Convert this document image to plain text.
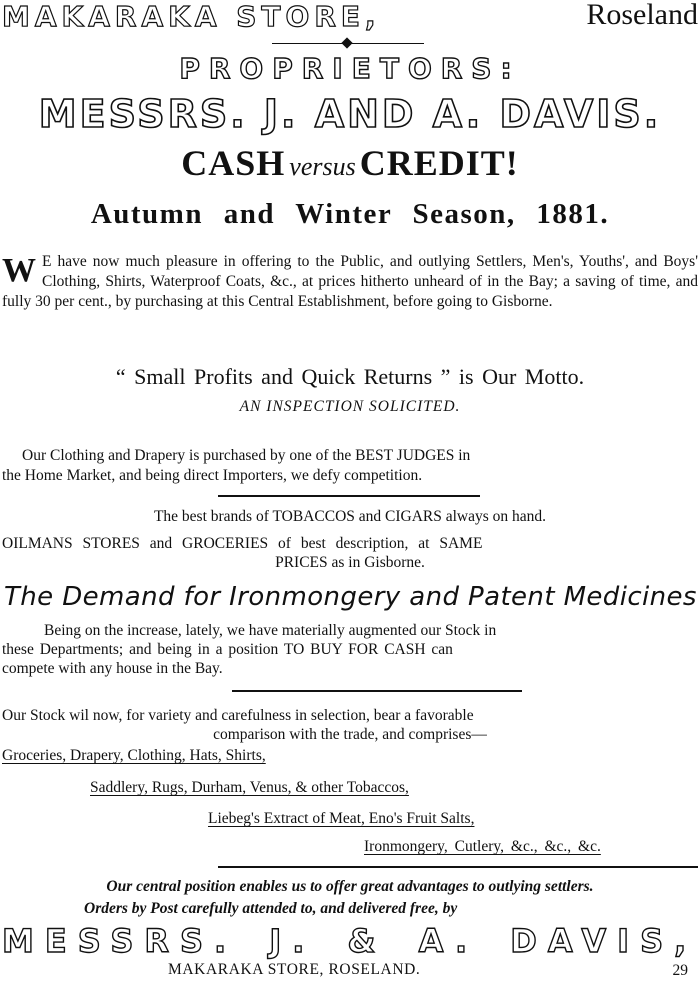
MAKARAKA STORE,	Roseland
PROPRIETORS:
MESSRS. J. AND A. DAVIS.
CASH versus CREDIT!
Autumn and Winter Season, 1881.
W E have now much pleasure in offering to the Public, and outlying Settlers, Men's, Youths', and Boys' Clothing, Shirts, Waterproof Coats, &c., at prices hitherto unheard of in the Bay; a saving of time, and fully 30 per cent., by purchasing at this Central Establishment, before going to Gisborne.
“ Small Profits and Quick Returns ” is Our Motto.
AN INSPECTION SOLICITED.
Our Clothing and Drapery is purchased by one of the BEST JUDGES in
the Home Market, and being direct Importers, we defy competition.
The best brands of TOBACCOS and CIGARS always on hand.
OILMANS STORES and GROCERIES of best description, at SAME
PRICES as in Gisborne.
The Demand for Ironmongery and Patent Medicines
Being on the increase, lately, we have materially augmented our Stock in
these Departments; and being in a position TO BUY FOR CASH can
compete with any house in the Bay.
Our Stock wil now, for variety and carefulness in selection, bear a favorable
comparison with the trade, and comprises—
Groceries, Drapery, Clothing, Hats, Shirts,
Saddlery, Rugs, Durham, Venus, & other Tobaccos,
Liebeg's Extract of Meat, Eno's Fruit Salts,
Ironmongery, Cutlery, &c., &c., &c.
Our central position enables us to offer great advantages to outlying settlers.
Orders by Post carefully attended to, and delivered free, by
MESSRS. J. & A. DAVIS,
MAKARAKA STORE, ROSELAND.	29
